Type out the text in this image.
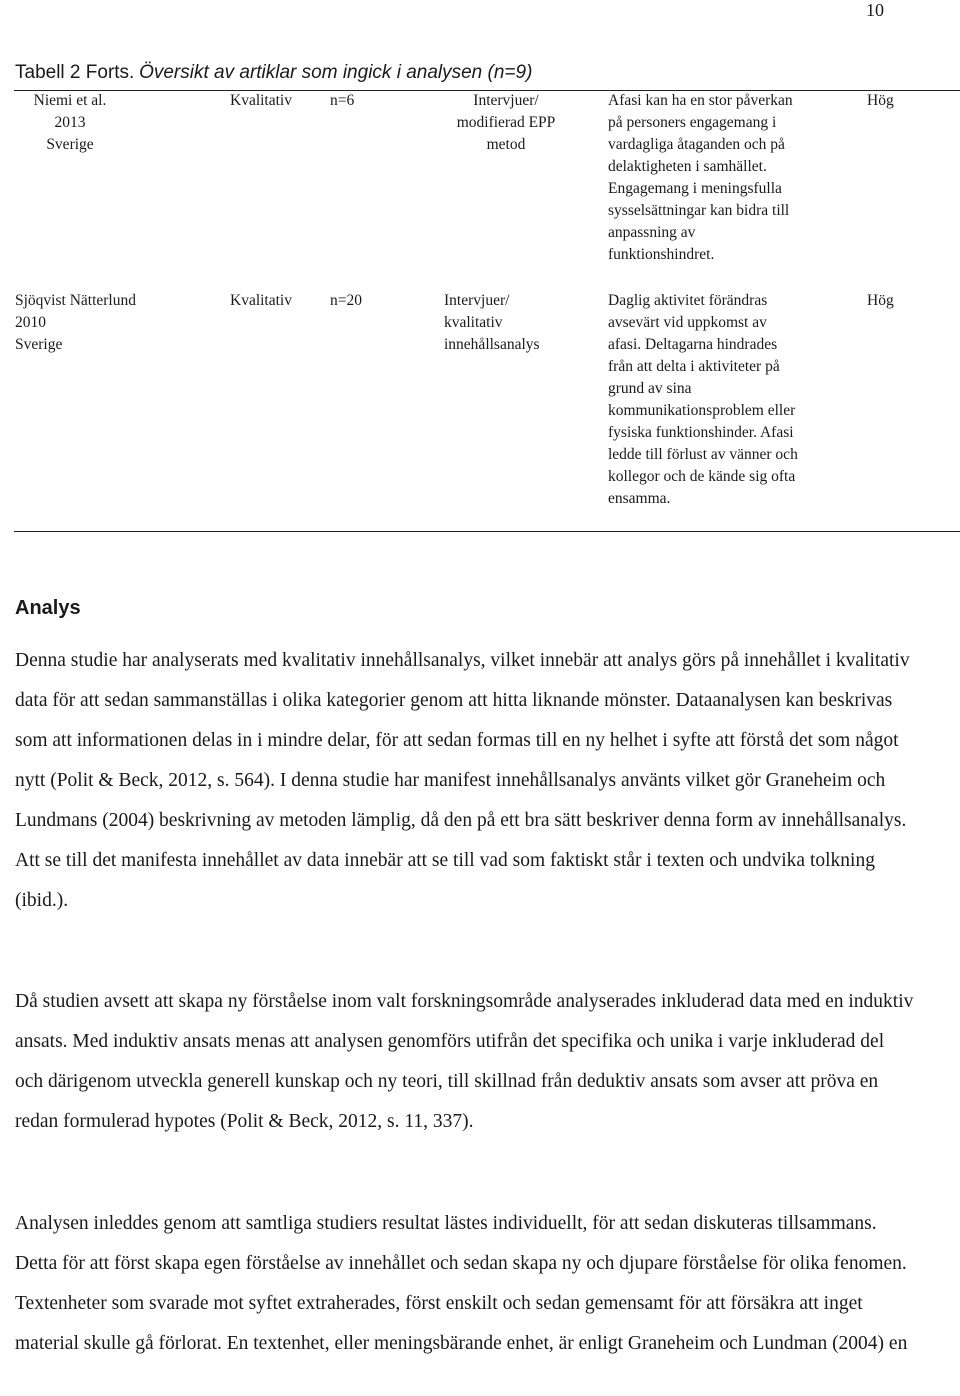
10
Tabell 2 Forts. Översikt av artiklar som ingick i analysen (n=9)
Niemi et al.
2013
Sverige
Kvalitativ n=6	Intervjuer/
modifierad EPP
metod
Afasi kan ha en stor påverkan
på personers engagemang i
vardagliga åtaganden och på
delaktigheten i samhället.
Engagemang i meningsfulla
sysselsättningar kan bidra till
anpassning av
funktionshindret.
Hög
Sjöqvist Nätterlund
2010
Sverige
Kvalitativ n=20	Intervjuer/
kvalitativ
innehållsanalys
Daglig aktivitet förändras
avsevärt vid uppkomst av
afasi. Deltagarna hindrades
från att delta i aktiviteter på
grund av sina
kommunikationsproblem eller
fysiska funktionshinder. Afasi
ledde till förlust av vänner och
kollegor och de kände sig ofta
ensamma.
Hög
Analys

Denna studie har analyserats med kvalitativ innehållsanalys, vilket innebär att analys görs på innehållet i kvalitativ data för att sedan sammanställas i olika kategorier genom att hitta liknande mönster. Dataanalysen kan beskrivas som att informationen delas in i mindre delar, för att sedan formas till en ny helhet i syfte att förstå det som något nytt (Polit & Beck, 2012, s. 564). I denna studie har manifest innehållsanalys använts vilket gör Graneheim och Lundmans (2004) beskrivning av metoden lämplig, då den på ett bra sätt beskriver denna form av innehållsanalys. Att se till det manifesta innehållet av data innebär att se till vad som faktiskt står i texten och undvika tolkning (ibid.).

Då studien avsett att skapa ny förståelse inom valt forskningsområde analyserades inkluderad data med en induktiv ansats. Med induktiv ansats menas att analysen genomförs utifrån det specifika och unika i varje inkluderad del och därigenom utveckla generell kunskap och ny teori, till skillnad från deduktiv ansats som avser att pröva en redan formulerad hypotes (Polit & Beck, 2012, s. 11, 337).

Analysen inleddes genom att samtliga studiers resultat lästes individuellt, för att sedan diskuteras tillsammans. Detta för att först skapa egen förståelse av innehållet och sedan skapa ny och djupare förståelse för olika fenomen. Textenheter som svarade mot syftet extraherades, först enskilt och sedan gemensamt för att försäkra att inget material skulle gå förlorat. En textenhet, eller meningsbärande enhet, är enligt Graneheim och Lundman (2004) en
